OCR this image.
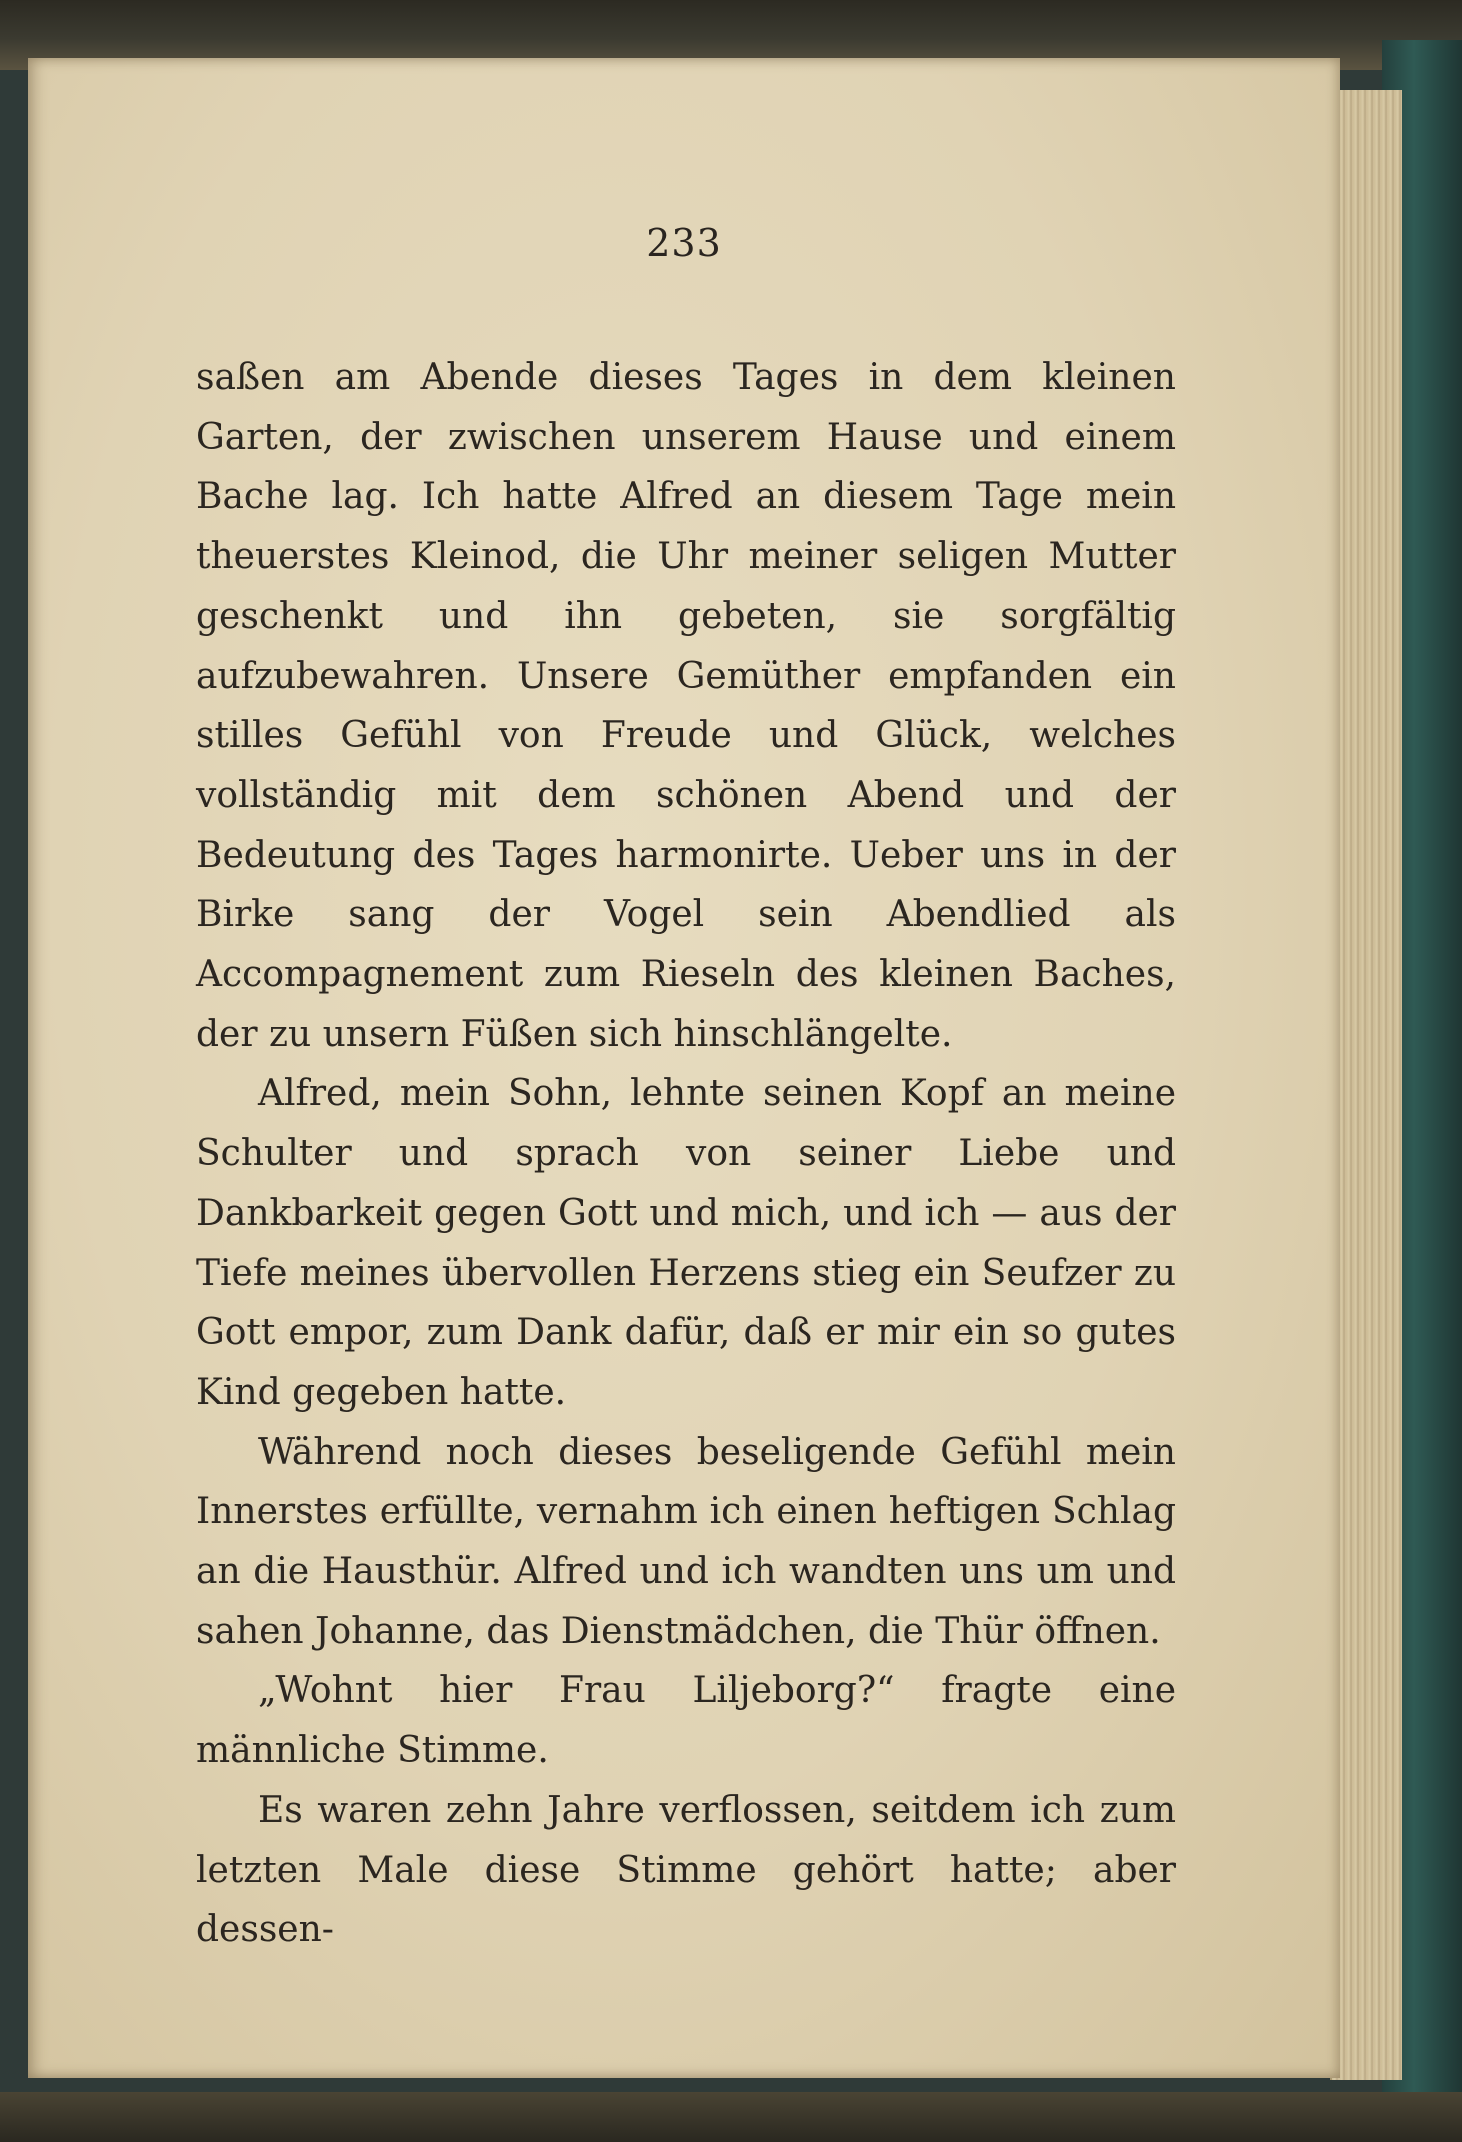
233

saßen am Abende dieses Tages in dem kleinen Garten, der zwischen unserem Hause und einem Bache lag. Ich hatte Alfred an diesem Tage mein theuerstes Kleinod, die Uhr meiner seligen Mutter geschenkt und ihn gebeten, sie sorgfältig aufzubewahren. Unsere Gemüther empfanden ein stilles Gefühl von Freude und Glück, welches vollständig mit dem schönen Abend und der Bedeutung des Tages harmonirte. Ueber uns in der Birke sang der Vogel sein Abendlied als Accompagnement zum Rieseln des kleinen Baches, der zu unsern Füßen sich hinschlängelte.

Alfred, mein Sohn, lehnte seinen Kopf an meine Schulter und sprach von seiner Liebe und Dankbarkeit gegen Gott und mich, und ich — aus der Tiefe meines übervollen Herzens stieg ein Seufzer zu Gott empor, zum Dank dafür, daß er mir ein so gutes Kind gegeben hatte.

Während noch dieses beseligende Gefühl mein Innerstes erfüllte, vernahm ich einen heftigen Schlag an die Hausthür. Alfred und ich wandten uns um und sahen Johanne, das Dienstmädchen, die Thür öffnen.

„Wohnt hier Frau Liljeborg?“ fragte eine männliche Stimme.

Es waren zehn Jahre verflossen, seitdem ich zum letzten Male diese Stimme gehört hatte; aber dessen-
